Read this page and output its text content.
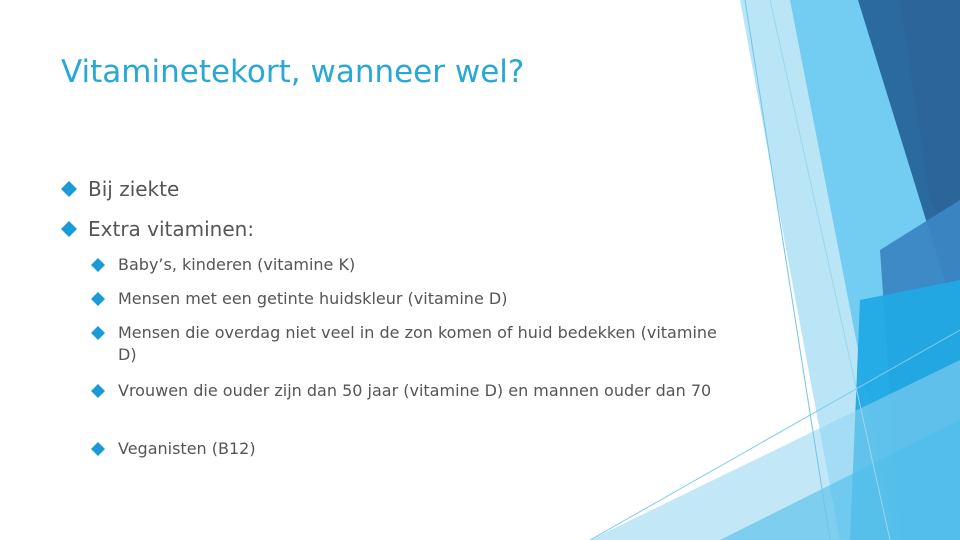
Vitaminetekort, wanneer wel?
Bij ziekte
Extra vitaminen:
Baby’s, kinderen (vitamine K)
Mensen met een getinte huidskleur (vitamine D)
Mensen die overdag niet veel in de zon komen of huid bedekken (vitamine D)
Vrouwen die ouder zijn dan 50 jaar (vitamine D) en mannen ouder dan 70
Veganisten (B12)
